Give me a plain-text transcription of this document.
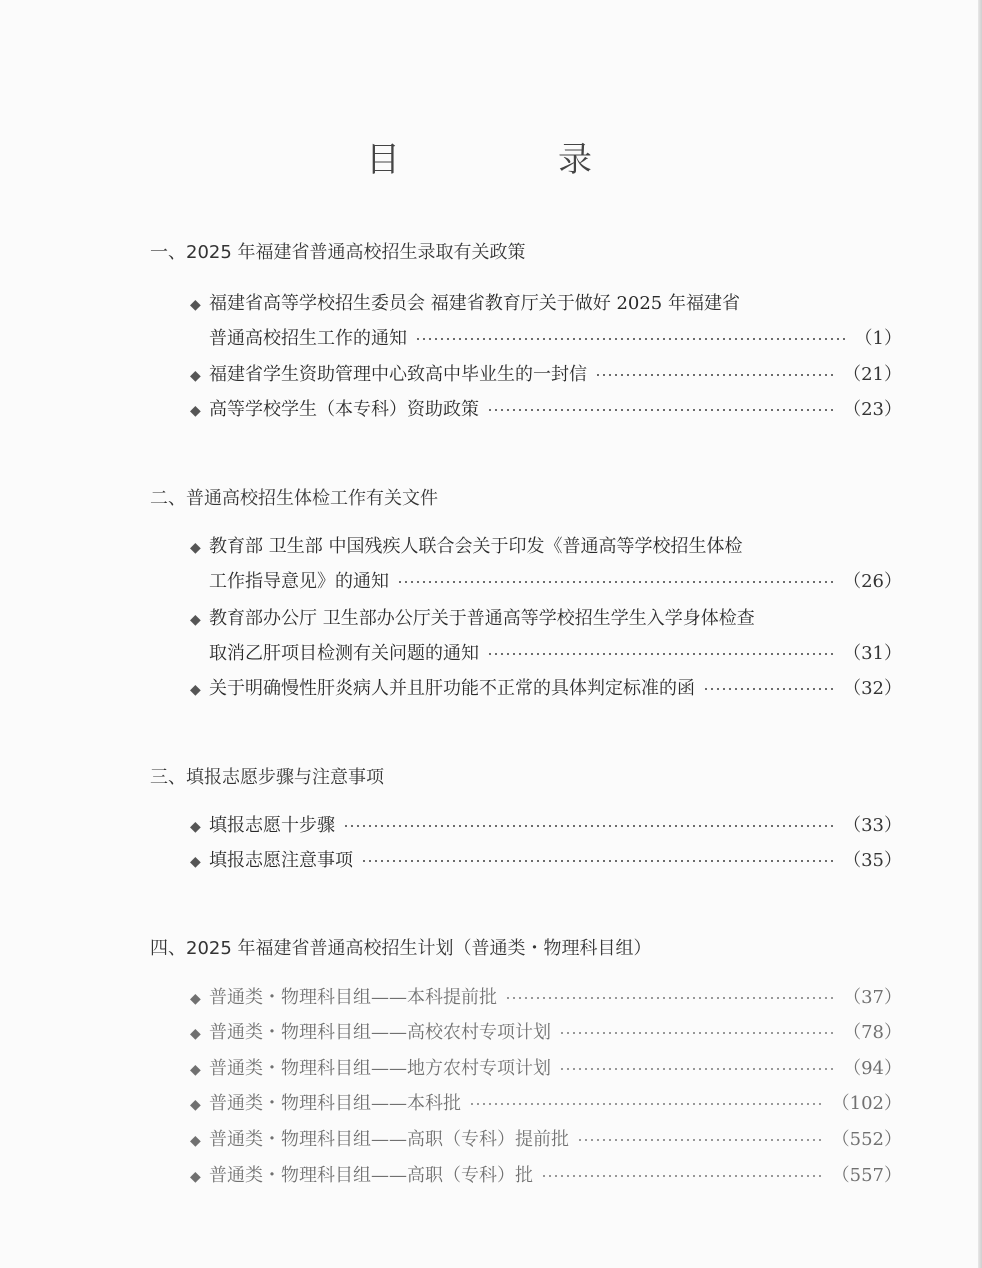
目　录
一、2025 年福建省普通高校招生录取有关政策
◆ 福建省高等学校招生委员会 福建省教育厅关于做好 2025 年福建省
普通高校招生工作的通知	（1）
◆ 福建省学生资助管理中心致高中毕业生的一封信	（21）
◆ 高等学校学生（本专科）资助政策	（23）
二、普通高校招生体检工作有关文件
◆ 教育部 卫生部 中国残疾人联合会关于印发《普通高等学校招生体检
工作指导意见》的通知	（26）
◆ 教育部办公厅 卫生部办公厅关于普通高等学校招生学生入学身体检查
取消乙肝项目检测有关问题的通知	（31）
◆ 关于明确慢性肝炎病人并且肝功能不正常的具体判定标准的函	（32）
三、填报志愿步骤与注意事项
◆ 填报志愿十步骤	（33）
◆ 填报志愿注意事项	（35）
四、2025 年福建省普通高校招生计划（普通类・物理科目组）
◆ 普通类・物理科目组——本科提前批	（37）
◆ 普通类・物理科目组——高校农村专项计划	（78）
◆ 普通类・物理科目组——地方农村专项计划	（94）
◆ 普通类・物理科目组——本科批	（102）
◆ 普通类・物理科目组——高职（专科）提前批	（552）
◆ 普通类・物理科目组——高职（专科）批	（557）
